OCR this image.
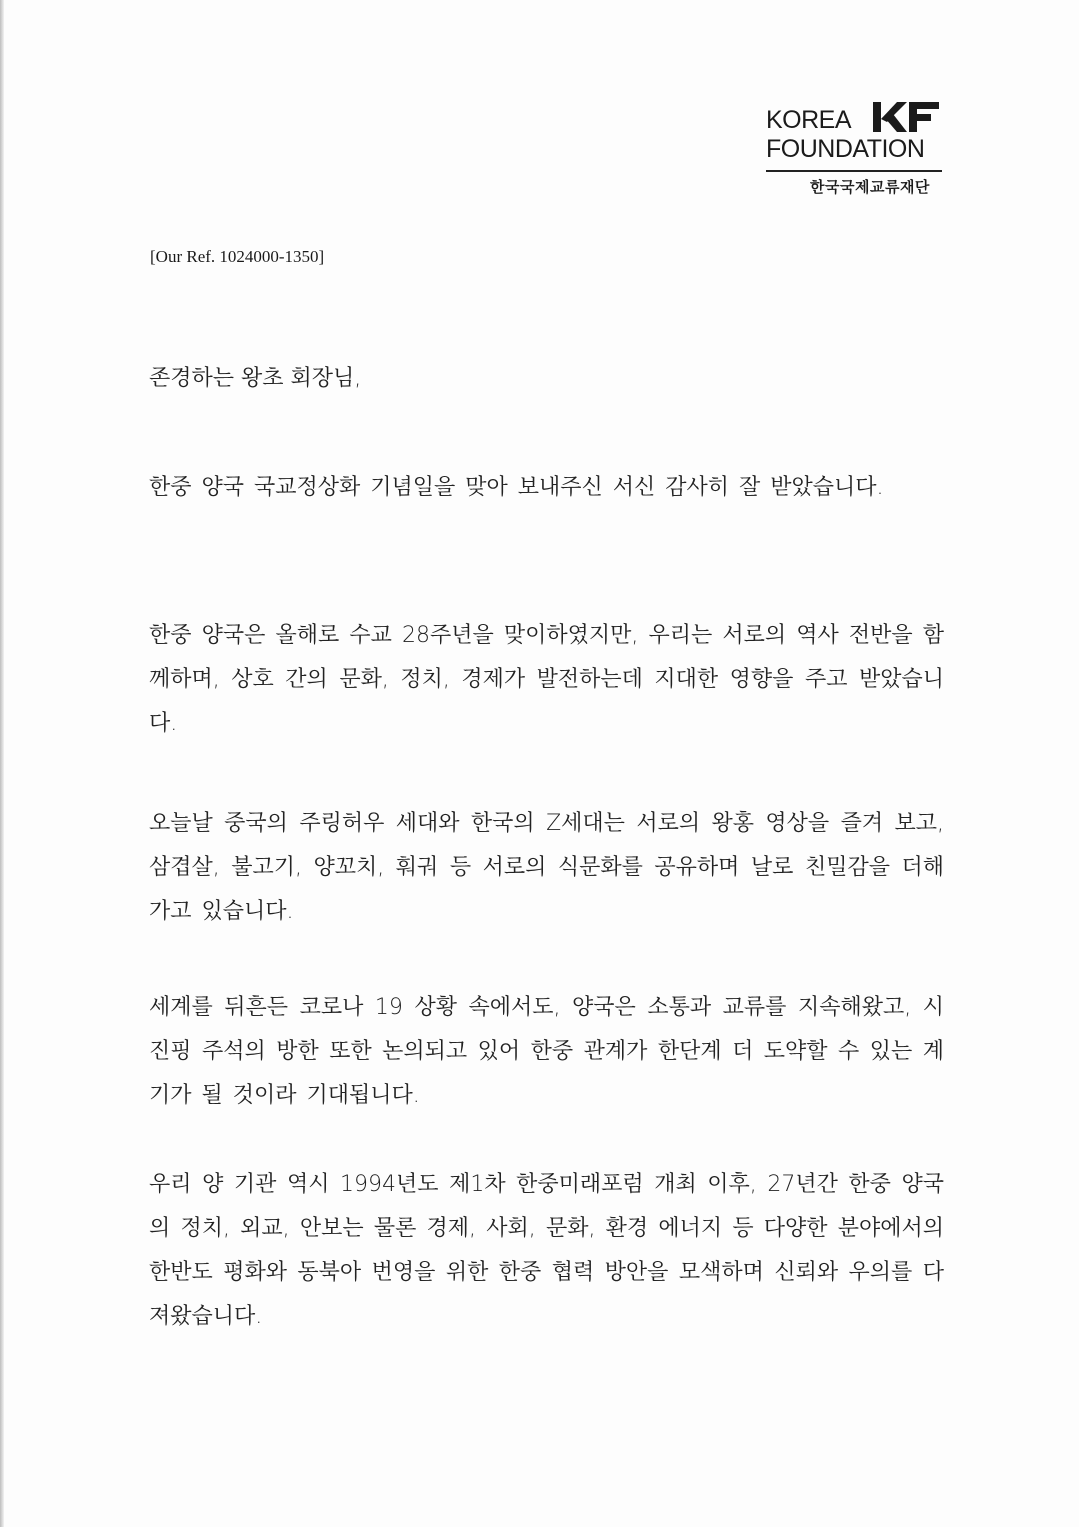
KOREA
FOUNDATION
한국국제교류재단
[Our Ref. 1024000-1350]

존경하는 왕초 회장님,

한중 양국 국교정상화 기념일을 맞아 보내주신 서신 감사히 잘 받았습니다.

한중 양국은 올해로 수교 28주년을 맞이하였지만, 우리는 서로의 역사 전반을 함께하며, 상호 간의 문화, 정치, 경제가 발전하는데 지대한 영향을 주고 받았습니다.

오늘날 중국의 주링허우 세대와 한국의 Z세대는 서로의 왕홍 영상을 즐겨 보고, 삼겹살, 불고기, 양꼬치, 훠궈 등 서로의 식문화를 공유하며 날로 친밀감을 더해가고 있습니다.

세계를 뒤흔든 코로나 19 상황 속에서도, 양국은 소통과 교류를 지속해왔고, 시진핑 주석의 방한 또한 논의되고 있어 한중 관계가 한단계 더 도약할 수 있는 계기가 될 것이라 기대됩니다.

우리 양 기관 역시 1994년도 제1차 한중미래포럼 개최 이후, 27년간 한중 양국의 정치, 외교, 안보는 물론 경제, 사회, 문화, 환경 에너지 등 다양한 분야에서의 한반도 평화와 동북아 번영을 위한 한중 협력 방안을 모색하며 신뢰와 우의를 다져왔습니다.
